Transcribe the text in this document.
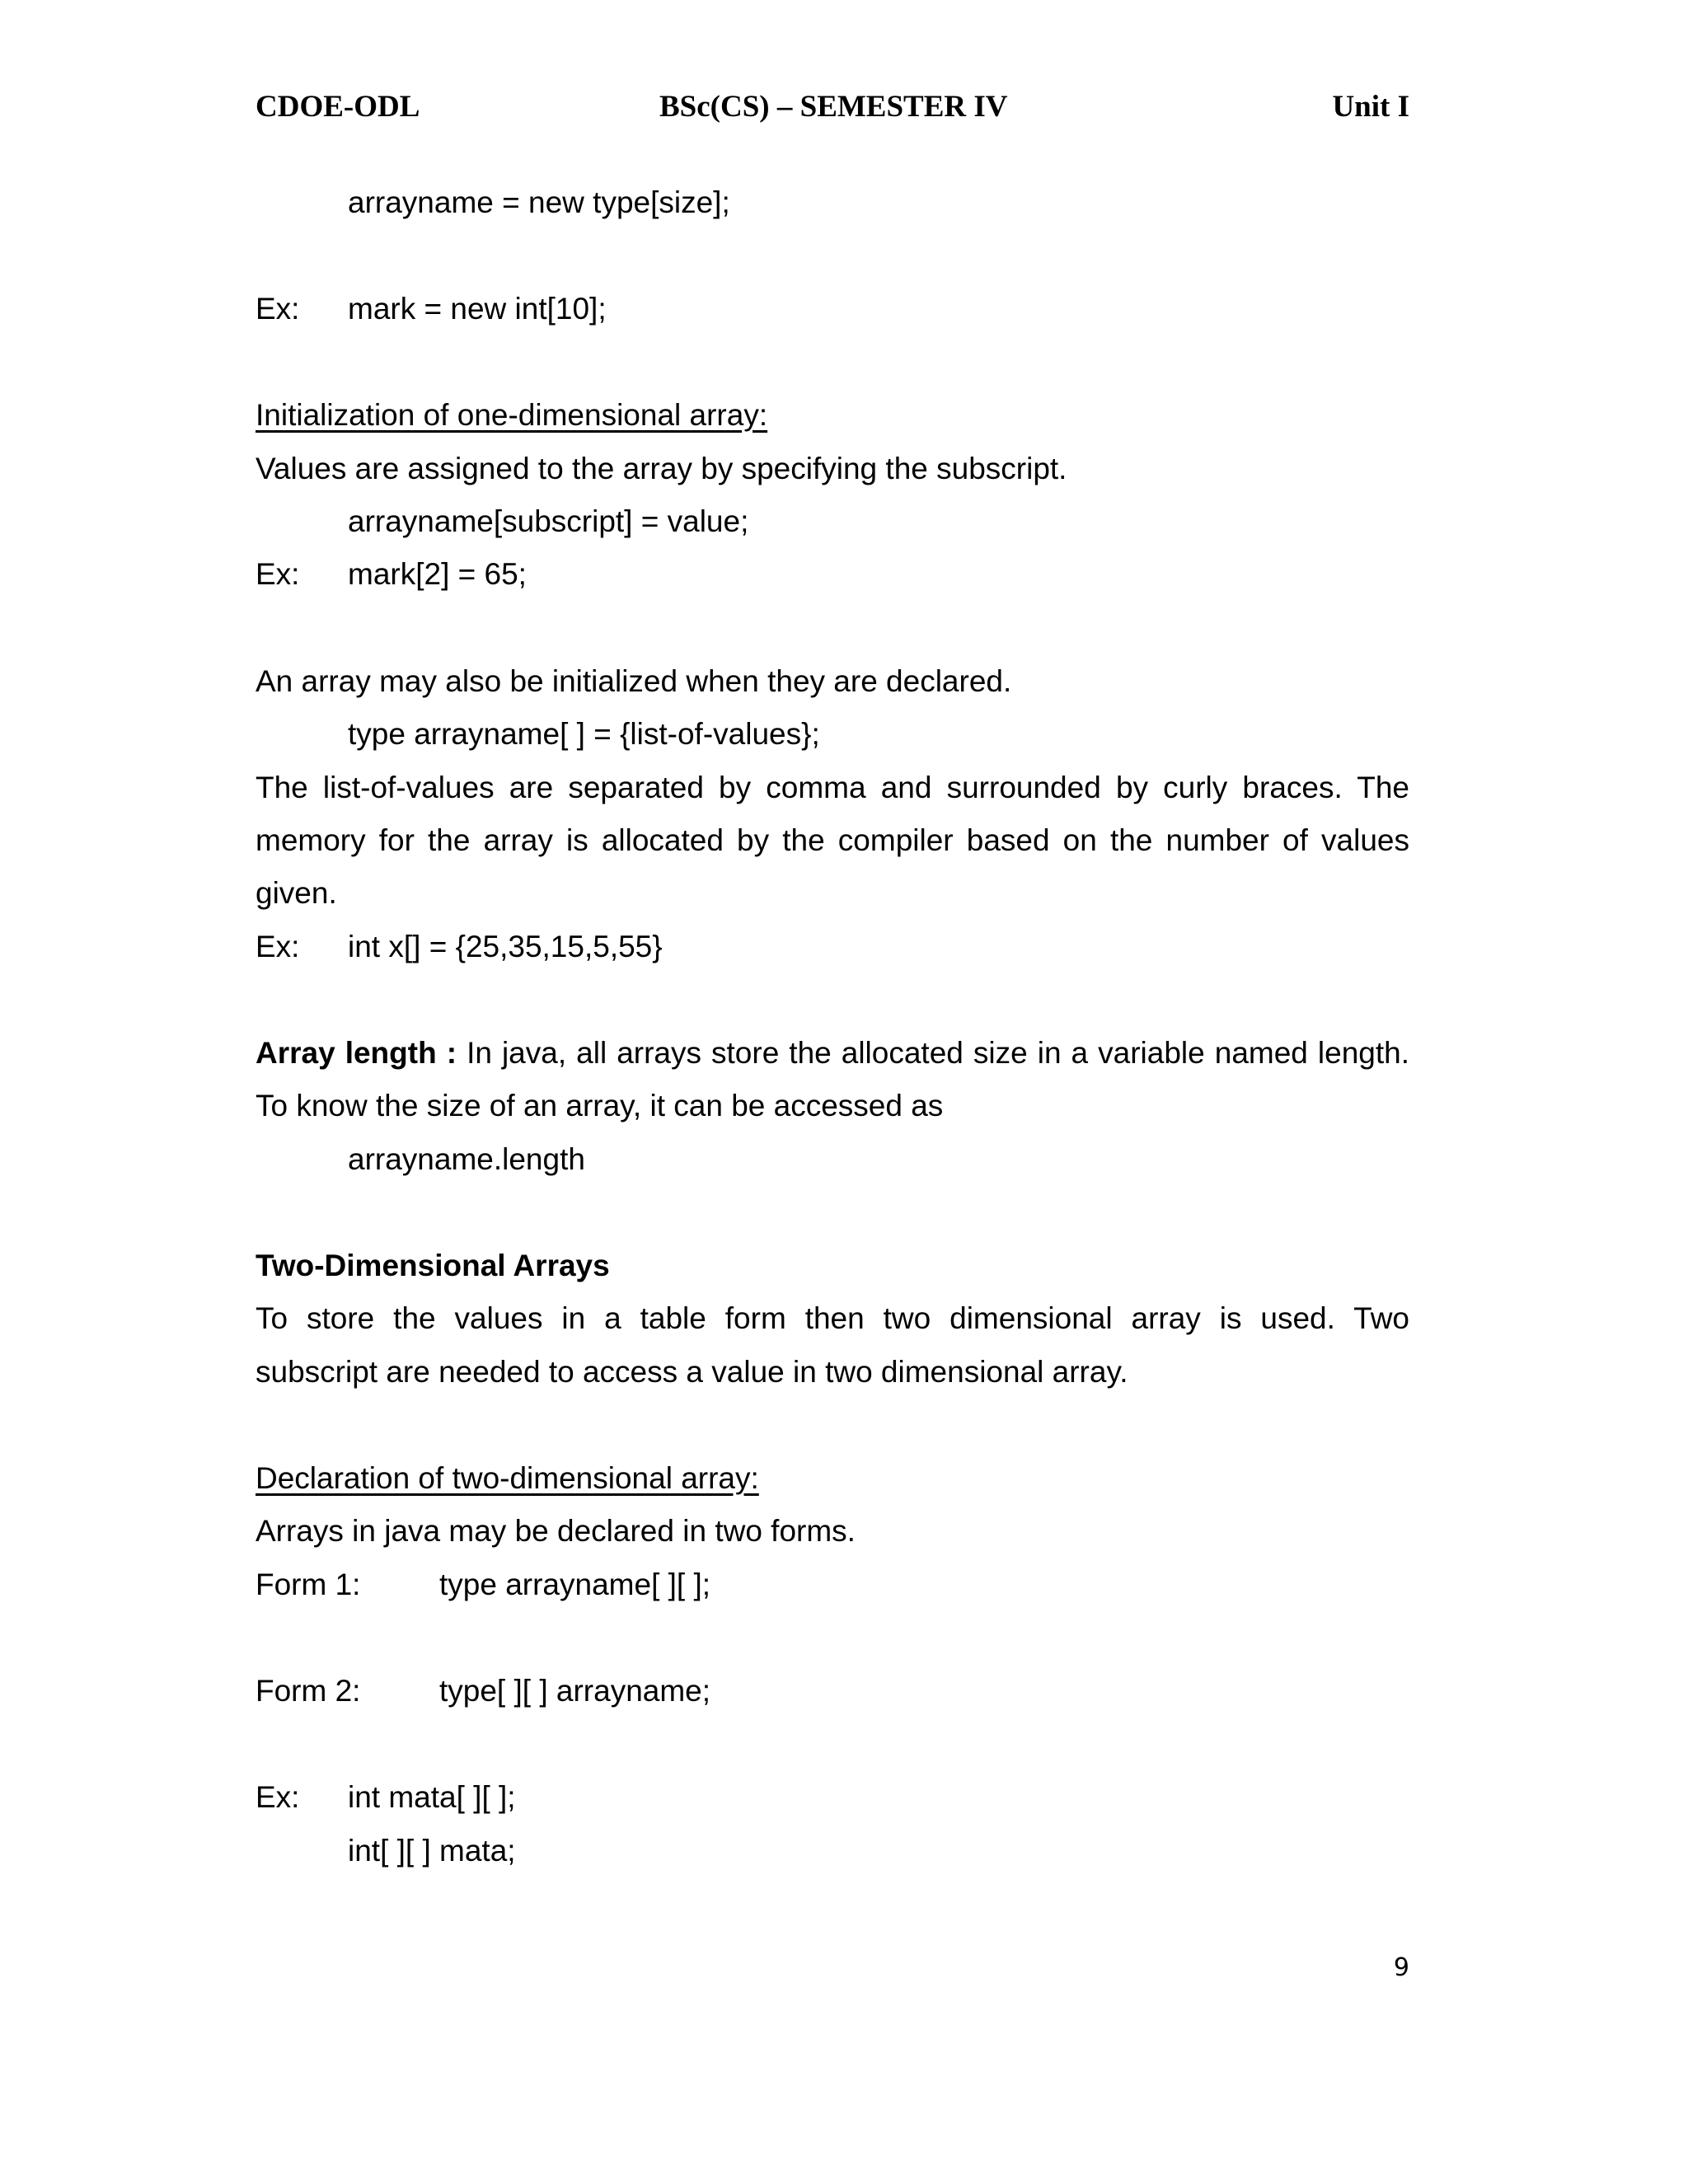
CDOE-ODL	BSc(CS) – SEMESTER IV	Unit I
arrayname = new type[size];
Ex: mark = new int[10];
Initialization of one-dimensional array:
Values are assigned to the array by specifying the subscript.
arrayname[subscript] = value;
Ex: mark[2] = 65;
An array may also be initialized when they are declared.
type arrayname[ ] = {list-of-values};
The list-of-values are separated by comma and surrounded by curly braces. The
memory for the array is allocated by the compiler based on the number of values
given.
Ex: int x[] = {25,35,15,5,55}
Array length : In java, all arrays store the allocated size in a variable named length.
To know the size of an array, it can be accessed as
arrayname.length
Two-Dimensional Arrays
To store the values in a table form then two dimensional array is used. Two
subscript are needed to access a value in two dimensional array.
Declaration of two-dimensional array:
Arrays in java may be declared in two forms.
Form 1:	type arrayname[ ][ ];
Form 2:	type[ ][ ] arrayname;
Ex: int mata[ ][ ];
int[ ][ ] mata;
9
